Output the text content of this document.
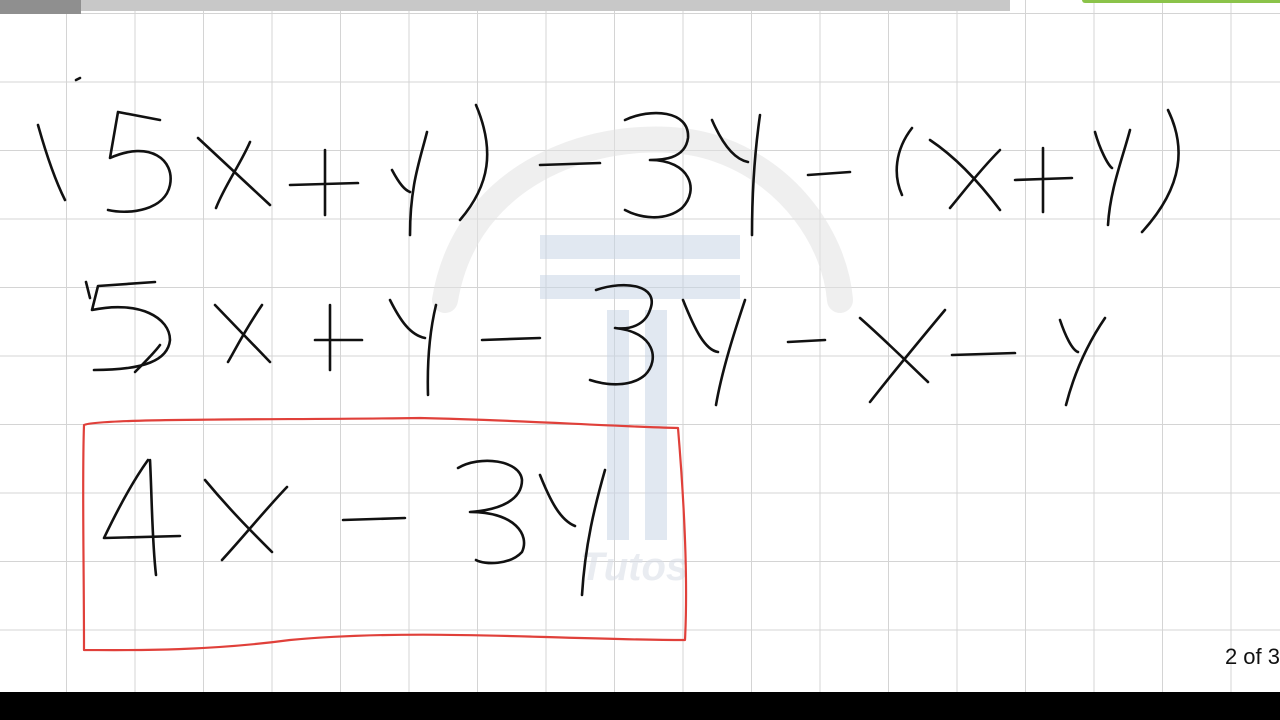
Tutos
2 of 3
